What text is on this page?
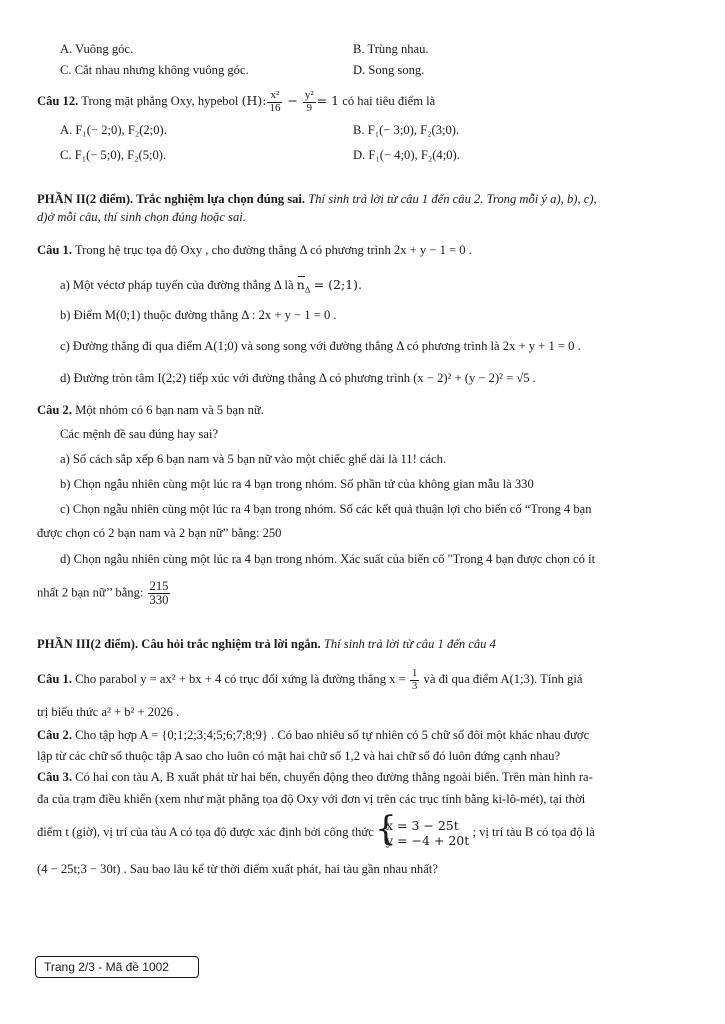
A. Vuông góc.	B. Trùng nhau.
C. Cắt nhau nhưng không vuông góc.	D. Song song.
Câu 12. Trong mặt phẳng Oxy, hypebol (H): $\frac{\text{x²}}{16} - \frac{\text{y²}}{9} = 1$ có hai tiêu điểm là
A. F₁(− 2;0), F₂(2;0).	B. F₁(− 3;0), F₂(3;0).
C. F₁(− 5;0), F₂(5;0).	D. F₁(− 4;0), F₂(4;0).
PHẦN II(2 điểm). Trắc nghiệm lựa chọn đúng sai. Thí sinh trả lời từ câu 1 đến câu 2. Trong mỗi ý a), b), c),
d)ở mỗi câu, thí sinh chọn đúng hoặc sai.
Câu 1. Trong hệ trục tọa độ Oxy , cho đường thẳng Δ có phương trình 2x + y − 1 = 0 .
a) Một véctơ pháp tuyến của đường thẳng Δ là $n_\Delta$ = (2;1).
b) Điểm M(0;1) thuộc đường thẳng Δ : 2x + y − 1 = 0 .
c) Đường thẳng đi qua điểm A(1;0) và song song với đường thẳng Δ có phương trình là 2x + y + 1 = 0 .
d) Đường tròn tâm I(2;2) tiếp xúc với đường thẳng Δ có phương trình (x − 2)² + (y − 2)² = √5 .
Câu 2. Một nhóm có 6 bạn nam và 5 bạn nữ.
Các mệnh đề sau đúng hay sai?
a) Số cách sắp xếp 6 bạn nam và 5 bạn nữ vào một chiếc ghế dài là 11! cách.
b) Chọn ngẫu nhiên cùng một lúc ra 4 bạn trong nhóm. Số phần tử của không gian mẫu là 330
c) Chọn ngẫu nhiên cùng một lúc ra 4 bạn trong nhóm. Số các kết quả thuận lợi cho biến cố “Trong 4 bạn
được chọn có 2 bạn nam và 2 bạn nữ” bằng: 250
d) Chọn ngẫu nhiên cùng một lúc ra 4 bạn trong nhóm. Xác suất của biến cố "Trong 4 bạn được chọn có ít
nhất 2 bạn nữ’’ bằng: $\frac{215}{330}$
PHẦN III(2 điểm). Câu hỏi trắc nghiệm trả lời ngắn. Thí sinh trả lời từ câu 1 đến câu 4
Câu 1. Cho parabol y = ax² + bx + 4 có trục đối xứng là đường thẳng $x = \frac{1}{3}$ và đi qua điểm A(1;3). Tính giá
trị biểu thức a² + b² + 2026 .
Câu 2. Cho tập hợp A = {0;1;2;3;4;5;6;7;8;9} . Có bao nhiêu số tự nhiên có 5 chữ số đôi một khác nhau được
lập từ các chữ số thuộc tập A sao cho luôn có mặt hai chữ số 1,2 và hai chữ số đó luôn đứng cạnh nhau?
Câu 3. Có hai con tàu A, B xuất phát từ hai bến, chuyển động theo đường thẳng ngoài biển. Trên màn hình ra-
đa của trạm điều khiển (xem như mặt phẳng tọa độ Oxy với đơn vị trên các trục tính bằng ki-lô-mét), tại thời
điểm t (giờ), vị trí của tàu A có tọa độ được xác định bởi công thức
{ x = 3 − 25t
y = −4 + 20t
; vị trí tàu B có tọa độ là
(4 − 25t;3 − 30t) . Sau bao lâu kể từ thời điểm xuất phát, hai tàu gần nhau nhất?
Trang 2/3 - Mã đề 1002
